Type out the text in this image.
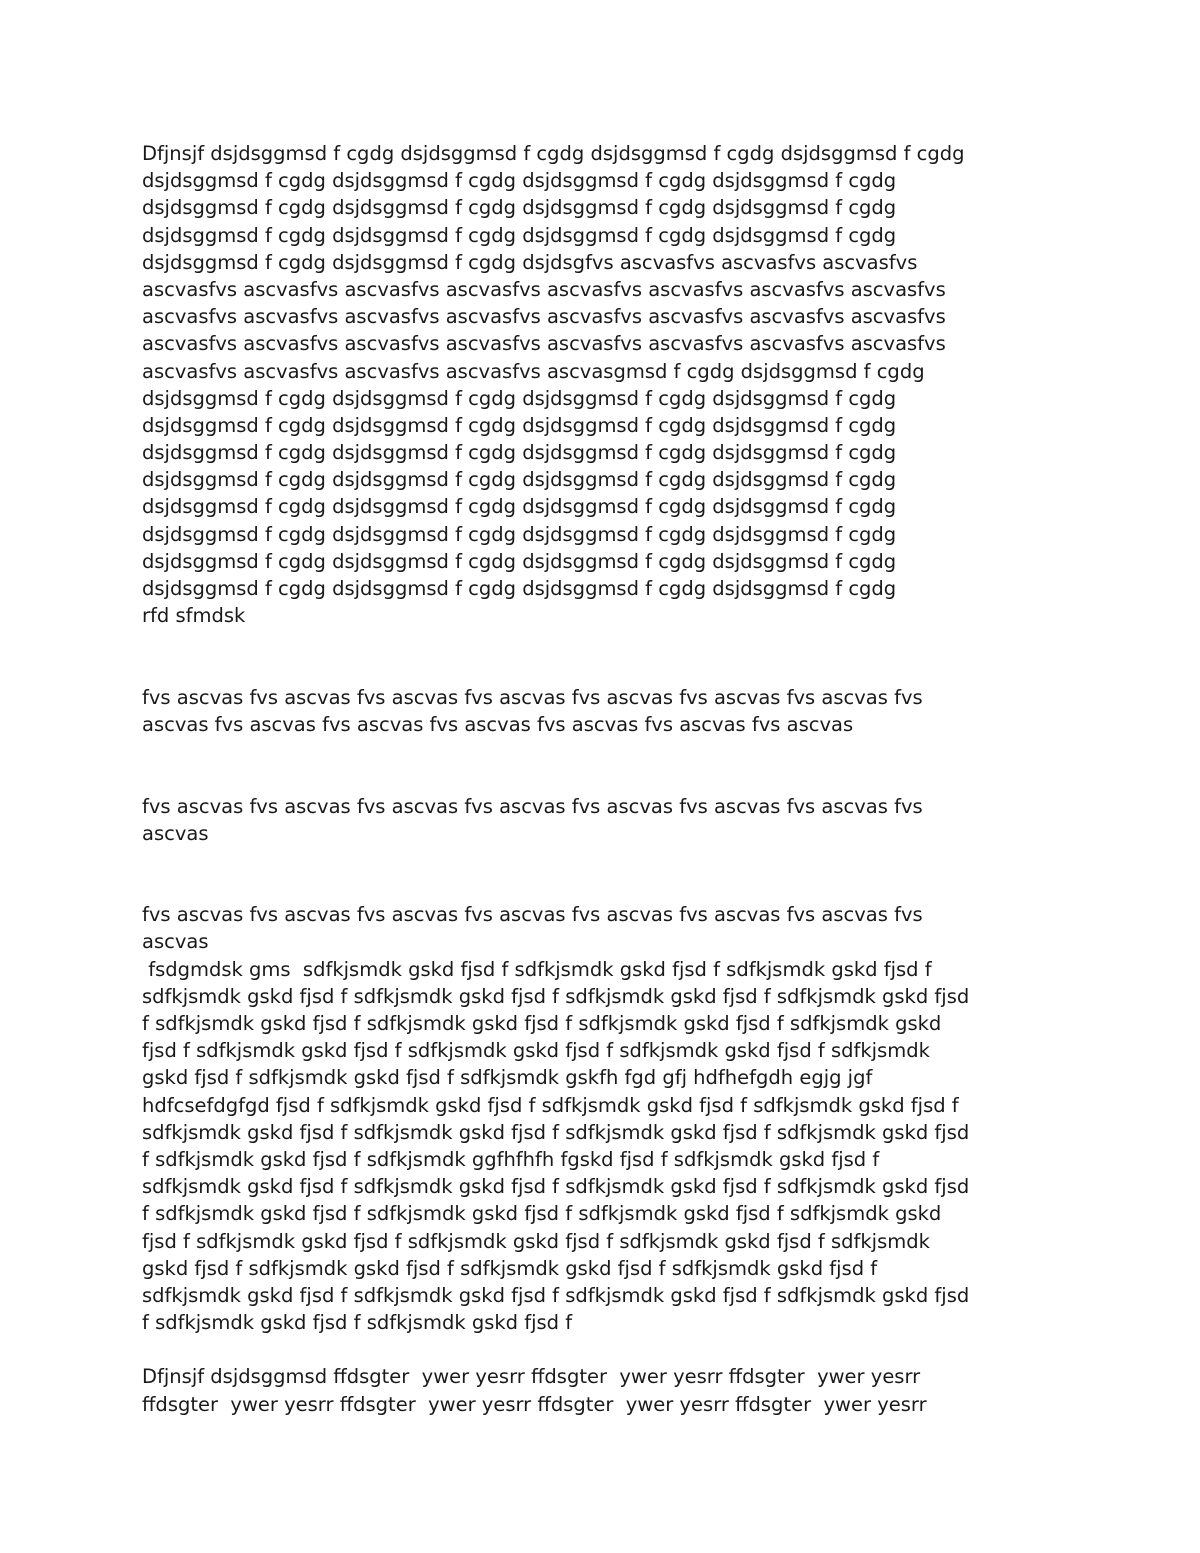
Dfjnsjf dsjdsggmsd f cgdg dsjdsggmsd f cgdg dsjdsggmsd f cgdg dsjdsggmsd f cgdg
dsjdsggmsd f cgdg dsjdsggmsd f cgdg dsjdsggmsd f cgdg dsjdsggmsd f cgdg
dsjdsggmsd f cgdg dsjdsggmsd f cgdg dsjdsggmsd f cgdg dsjdsggmsd f cgdg
dsjdsggmsd f cgdg dsjdsggmsd f cgdg dsjdsggmsd f cgdg dsjdsggmsd f cgdg
dsjdsggmsd f cgdg dsjdsggmsd f cgdg dsjdsgfvs ascvasfvs ascvasfvs ascvasfvs
ascvasfvs ascvasfvs ascvasfvs ascvasfvs ascvasfvs ascvasfvs ascvasfvs ascvasfvs
ascvasfvs ascvasfvs ascvasfvs ascvasfvs ascvasfvs ascvasfvs ascvasfvs ascvasfvs
ascvasfvs ascvasfvs ascvasfvs ascvasfvs ascvasfvs ascvasfvs ascvasfvs ascvasfvs
ascvasfvs ascvasfvs ascvasfvs ascvasfvs ascvasgmsd f cgdg dsjdsggmsd f cgdg
dsjdsggmsd f cgdg dsjdsggmsd f cgdg dsjdsggmsd f cgdg dsjdsggmsd f cgdg
dsjdsggmsd f cgdg dsjdsggmsd f cgdg dsjdsggmsd f cgdg dsjdsggmsd f cgdg
dsjdsggmsd f cgdg dsjdsggmsd f cgdg dsjdsggmsd f cgdg dsjdsggmsd f cgdg
dsjdsggmsd f cgdg dsjdsggmsd f cgdg dsjdsggmsd f cgdg dsjdsggmsd f cgdg
dsjdsggmsd f cgdg dsjdsggmsd f cgdg dsjdsggmsd f cgdg dsjdsggmsd f cgdg
dsjdsggmsd f cgdg dsjdsggmsd f cgdg dsjdsggmsd f cgdg dsjdsggmsd f cgdg
dsjdsggmsd f cgdg dsjdsggmsd f cgdg dsjdsggmsd f cgdg dsjdsggmsd f cgdg
dsjdsggmsd f cgdg dsjdsggmsd f cgdg dsjdsggmsd f cgdg dsjdsggmsd f cgdg
rfd sfmdsk
fvs ascvas fvs ascvas fvs ascvas fvs ascvas fvs ascvas fvs ascvas fvs ascvas fvs
ascvas fvs ascvas fvs ascvas fvs ascvas fvs ascvas fvs ascvas fvs ascvas
fvs ascvas fvs ascvas fvs ascvas fvs ascvas fvs ascvas fvs ascvas fvs ascvas fvs
ascvas
fvs ascvas fvs ascvas fvs ascvas fvs ascvas fvs ascvas fvs ascvas fvs ascvas fvs
ascvas
fsdgmdsk gms  sdfkjsmdk gskd fjsd f sdfkjsmdk gskd fjsd f sdfkjsmdk gskd fjsd f
sdfkjsmdk gskd fjsd f sdfkjsmdk gskd fjsd f sdfkjsmdk gskd fjsd f sdfkjsmdk gskd fjsd
f sdfkjsmdk gskd fjsd f sdfkjsmdk gskd fjsd f sdfkjsmdk gskd fjsd f sdfkjsmdk gskd
fjsd f sdfkjsmdk gskd fjsd f sdfkjsmdk gskd fjsd f sdfkjsmdk gskd fjsd f sdfkjsmdk
gskd fjsd f sdfkjsmdk gskd fjsd f sdfkjsmdk gskfh fgd gfj hdfhefgdh egjg jgf
hdfcsefdgfgd fjsd f sdfkjsmdk gskd fjsd f sdfkjsmdk gskd fjsd f sdfkjsmdk gskd fjsd f
sdfkjsmdk gskd fjsd f sdfkjsmdk gskd fjsd f sdfkjsmdk gskd fjsd f sdfkjsmdk gskd fjsd
f sdfkjsmdk gskd fjsd f sdfkjsmdk ggfhfhfh fgskd fjsd f sdfkjsmdk gskd fjsd f
sdfkjsmdk gskd fjsd f sdfkjsmdk gskd fjsd f sdfkjsmdk gskd fjsd f sdfkjsmdk gskd fjsd
f sdfkjsmdk gskd fjsd f sdfkjsmdk gskd fjsd f sdfkjsmdk gskd fjsd f sdfkjsmdk gskd
fjsd f sdfkjsmdk gskd fjsd f sdfkjsmdk gskd fjsd f sdfkjsmdk gskd fjsd f sdfkjsmdk
gskd fjsd f sdfkjsmdk gskd fjsd f sdfkjsmdk gskd fjsd f sdfkjsmdk gskd fjsd f
sdfkjsmdk gskd fjsd f sdfkjsmdk gskd fjsd f sdfkjsmdk gskd fjsd f sdfkjsmdk gskd fjsd
f sdfkjsmdk gskd fjsd f sdfkjsmdk gskd fjsd f
Dfjnsjf dsjdsggmsd ffdsgter  ywer yesrr ffdsgter  ywer yesrr ffdsgter  ywer yesrr
ffdsgter  ywer yesrr ffdsgter  ywer yesrr ffdsgter  ywer yesrr ffdsgter  ywer yesrr
